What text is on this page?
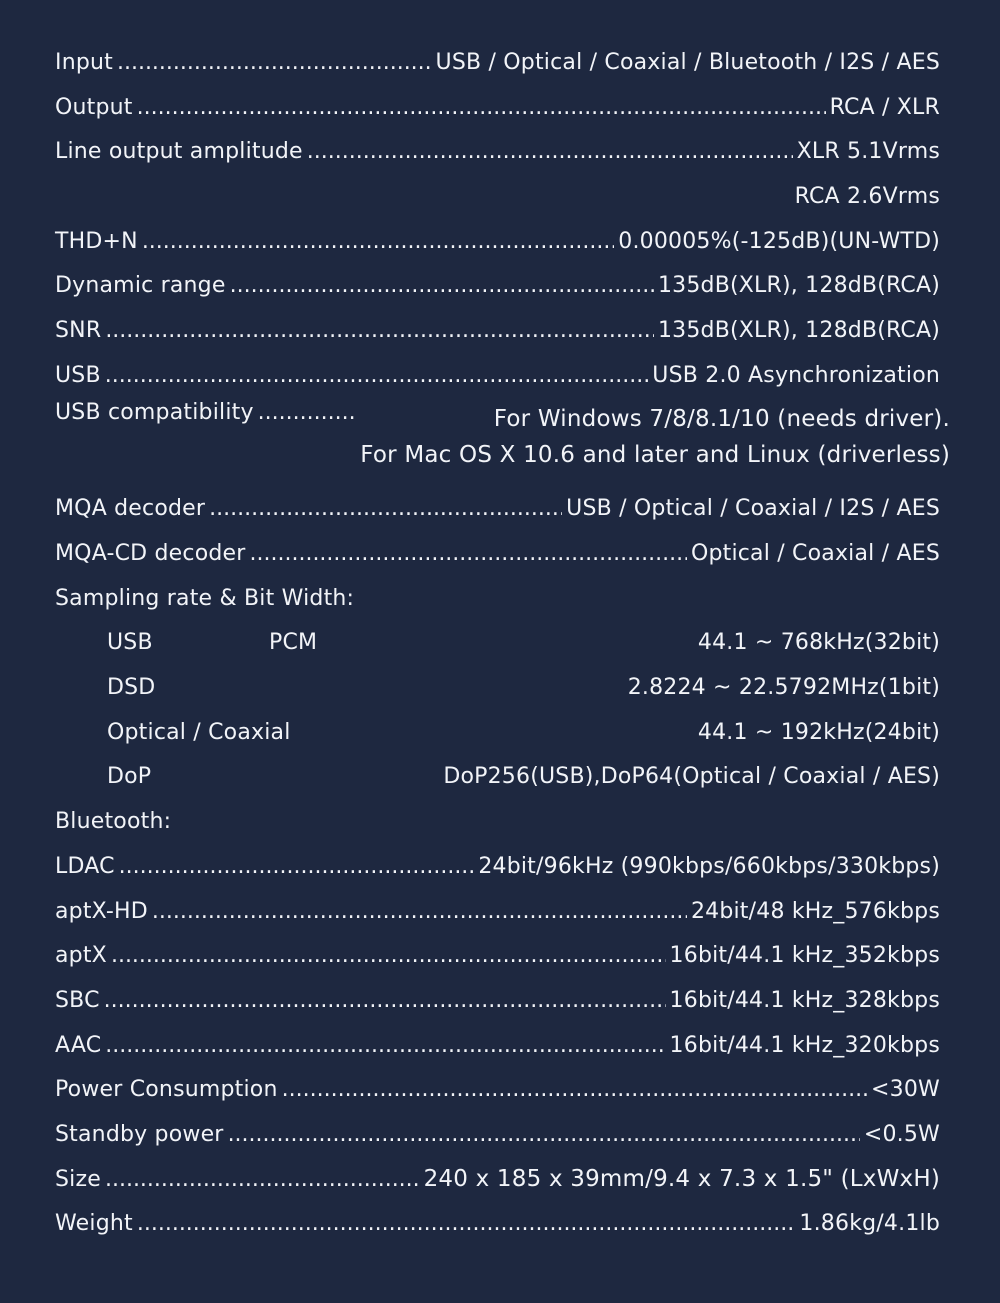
Input .....	USB / Optical / Coaxial / Bluetooth / I2S / AES
Output .....	RCA / XLR
Line output amplitude .....	XLR 5.1Vrms
RCA 2.6Vrms
THD+N .....	0.00005%(-125dB)(UN-WTD)
Dynamic range .....	135dB(XLR), 128dB(RCA)
SNR .....	135dB(XLR), 128dB(RCA)
USB .....	USB 2.0 Asynchronization
USB compatibility .....	For Windows 7/8/8.1/10 (needs driver).
For Mac OS X 10.6 and later and Linux (driverless)
MQA decoder .....	USB / Optical / Coaxial / I2S / AES
MQA-CD decoder .....	Optical / Coaxial / AES
Sampling rate & Bit Width:
USB	PCM	44.1 ~ 768kHz(32bit)
DSD	2.8224 ~ 22.5792MHz(1bit)
Optical / Coaxial	44.1 ~ 192kHz(24bit)
DoP	DoP256(USB),DoP64(Optical / Coaxial / AES)
Bluetooth:
LDAC .....	24bit/96kHz (990kbps/660kbps/330kbps)
aptX-HD .....	24bit/48 kHz_576kbps
aptX .....	16bit/44.1 kHz_352kbps
SBC .....	16bit/44.1 kHz_328kbps
AAC .....	16bit/44.1 kHz_320kbps
Power Consumption .....	<30W
Standby power .....	<0.5W
Size .....	240 x 185 x 39mm/9.4 x 7.3 x 1.5" (LxWxH)
Weight .....	1.86kg/4.1lb
